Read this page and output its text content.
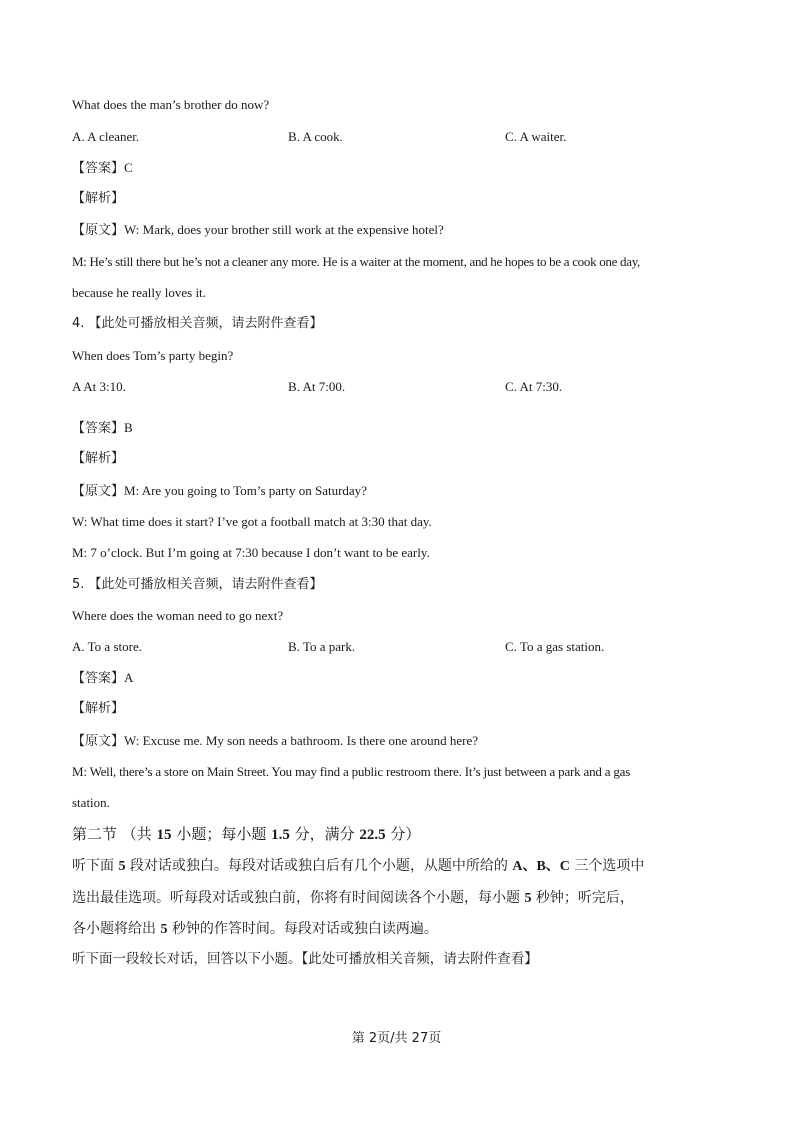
What does the man’s brother do now?
A. A cleaner.	B. A cook.	C. A waiter.
【答案】C
【解析】
【原文】W: Mark, does your brother still work at the expensive hotel?
M: He’s still there but he’s not a cleaner any more. He is a waiter at the moment, and he hopes to be a cook one day,
because he really loves it.
4. 【此处可播放相关音频，请去附件查看】
When does Tom’s party begin?
A At 3:10.	B. At 7:00.	C. At 7:30.
【答案】B
【解析】
【原文】M: Are you going to Tom’s party on Saturday?
W: What time does it start? I’ve got a football match at 3:30 that day.
M: 7 o’clock. But I’m going at 7:30 because I don’t want to be early.
5. 【此处可播放相关音频，请去附件查看】
Where does the woman need to go next?
A. To a store.	B. To a park.	C. To a gas station.
【答案】A
【解析】
【原文】W: Excuse me. My son needs a bathroom. Is there one around here?
M: Well, there’s a store on Main Street. You may find a public restroom there. It’s just between a park and a gas
station.
第二节 （共 15 小题；每小题 1.5 分，满分 22.5 分）
听下面 5 段对话或独白。每段对话或独白后有几个小题，从题中所给的 A、B、C 三个选项中
选出最佳选项。听每段对话或独白前，你将有时间阅读各个小题，每小题 5 秒钟；听完后，
各小题将给出 5 秒钟的作答时间。每段对话或独白读两遍。
听下面一段较长对话，回答以下小题。【此处可播放相关音频，请去附件查看】
第 2页/共 27页
